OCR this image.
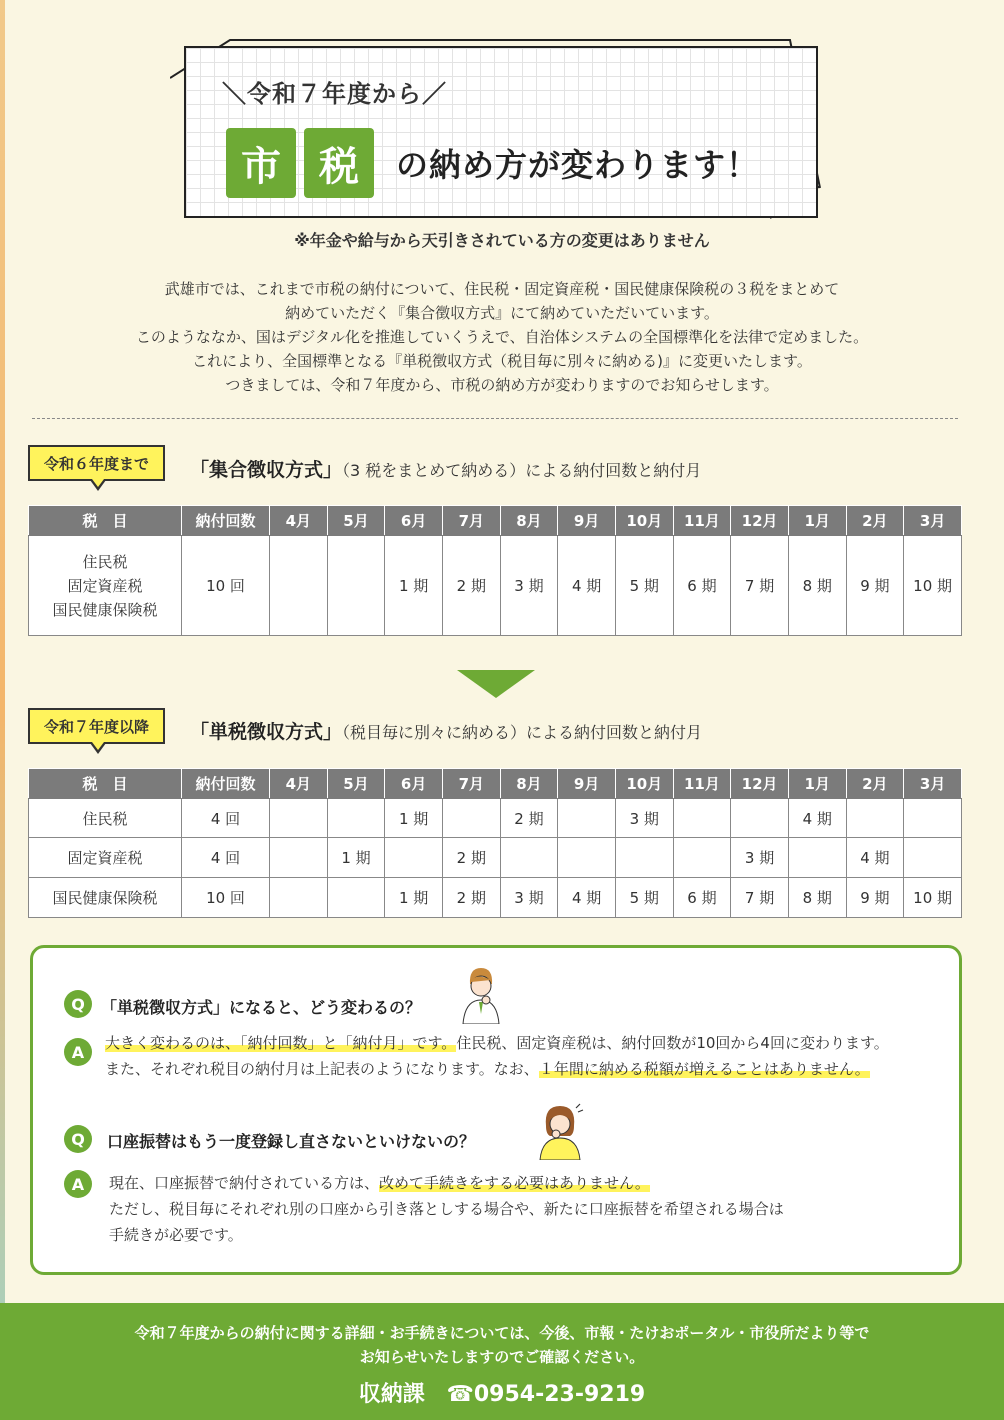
＼令和７年度から／
市 税	の納め方が変わります！
※年金や給与から天引きされている方の変更はありません
武雄市では、これまで市税の納付について、住民税・固定資産税・国民健康保険税の３税をまとめて
納めていただく『集合徴収方式』にて納めていただいています。
このようななか、国はデジタル化を推進していくうえで、自治体システムの全国標準化を法律で定めました。
これにより、全国標準となる『単税徴収方式（税目毎に別々に納める)』に変更いたします。
つきましては、令和７年度から、市税の納め方が変わりますのでお知らせします。
令和６年度まで	「集合徴収方式」（3 税をまとめて納める）による納付回数と納付月
税　目	納付回数	4月	5月	6月	7月	8月	9月	10月	11月	12月	1月	2月	3月

住民税
固定資産税
国民健康保険税	10 回			1 期	2 期	3 期	4 期	5 期	6 期	7 期	8 期	9 期	10 期
令和７年度以降	「単税徴収方式」（税目毎に別々に納める）による納付回数と納付月
税　目	納付回数	4月	5月	6月	7月	8月	9月	10月	11月	12月	1月	2月	3月
住民税	4 回			1 期		2 期		3 期			4 期		
固定資産税	4 回		1 期		2 期					3 期		4 期	
国民健康保険税	10 回			1 期	2 期	3 期	4 期	5 期	6 期	7 期	8 期	9 期	10 期
Q	「単税徴収方式」になると、どう変わるの？
A	大きく変わるのは、「納付回数」と「納付月」です。住民税、固定資産税は、納付回数が10回から4回に変わります。
また、それぞれ税目の納付月は上記表のようになります。なお、１年間に納める税額が増えることはありません。
Q	口座振替はもう一度登録し直さないといけないの？
A	現在、口座振替で納付されている方は、改めて手続きをする必要はありません。
ただし、税目毎にそれぞれ別の口座から引き落としする場合や、新たに口座振替を希望される場合は
手続きが必要です。
令和７年度からの納付に関する詳細・お手続きについては、今後、市報・たけおポータル・市役所だより等で
お知らせいたしますのでご確認ください。
収納課 ☎0954-23-9219
